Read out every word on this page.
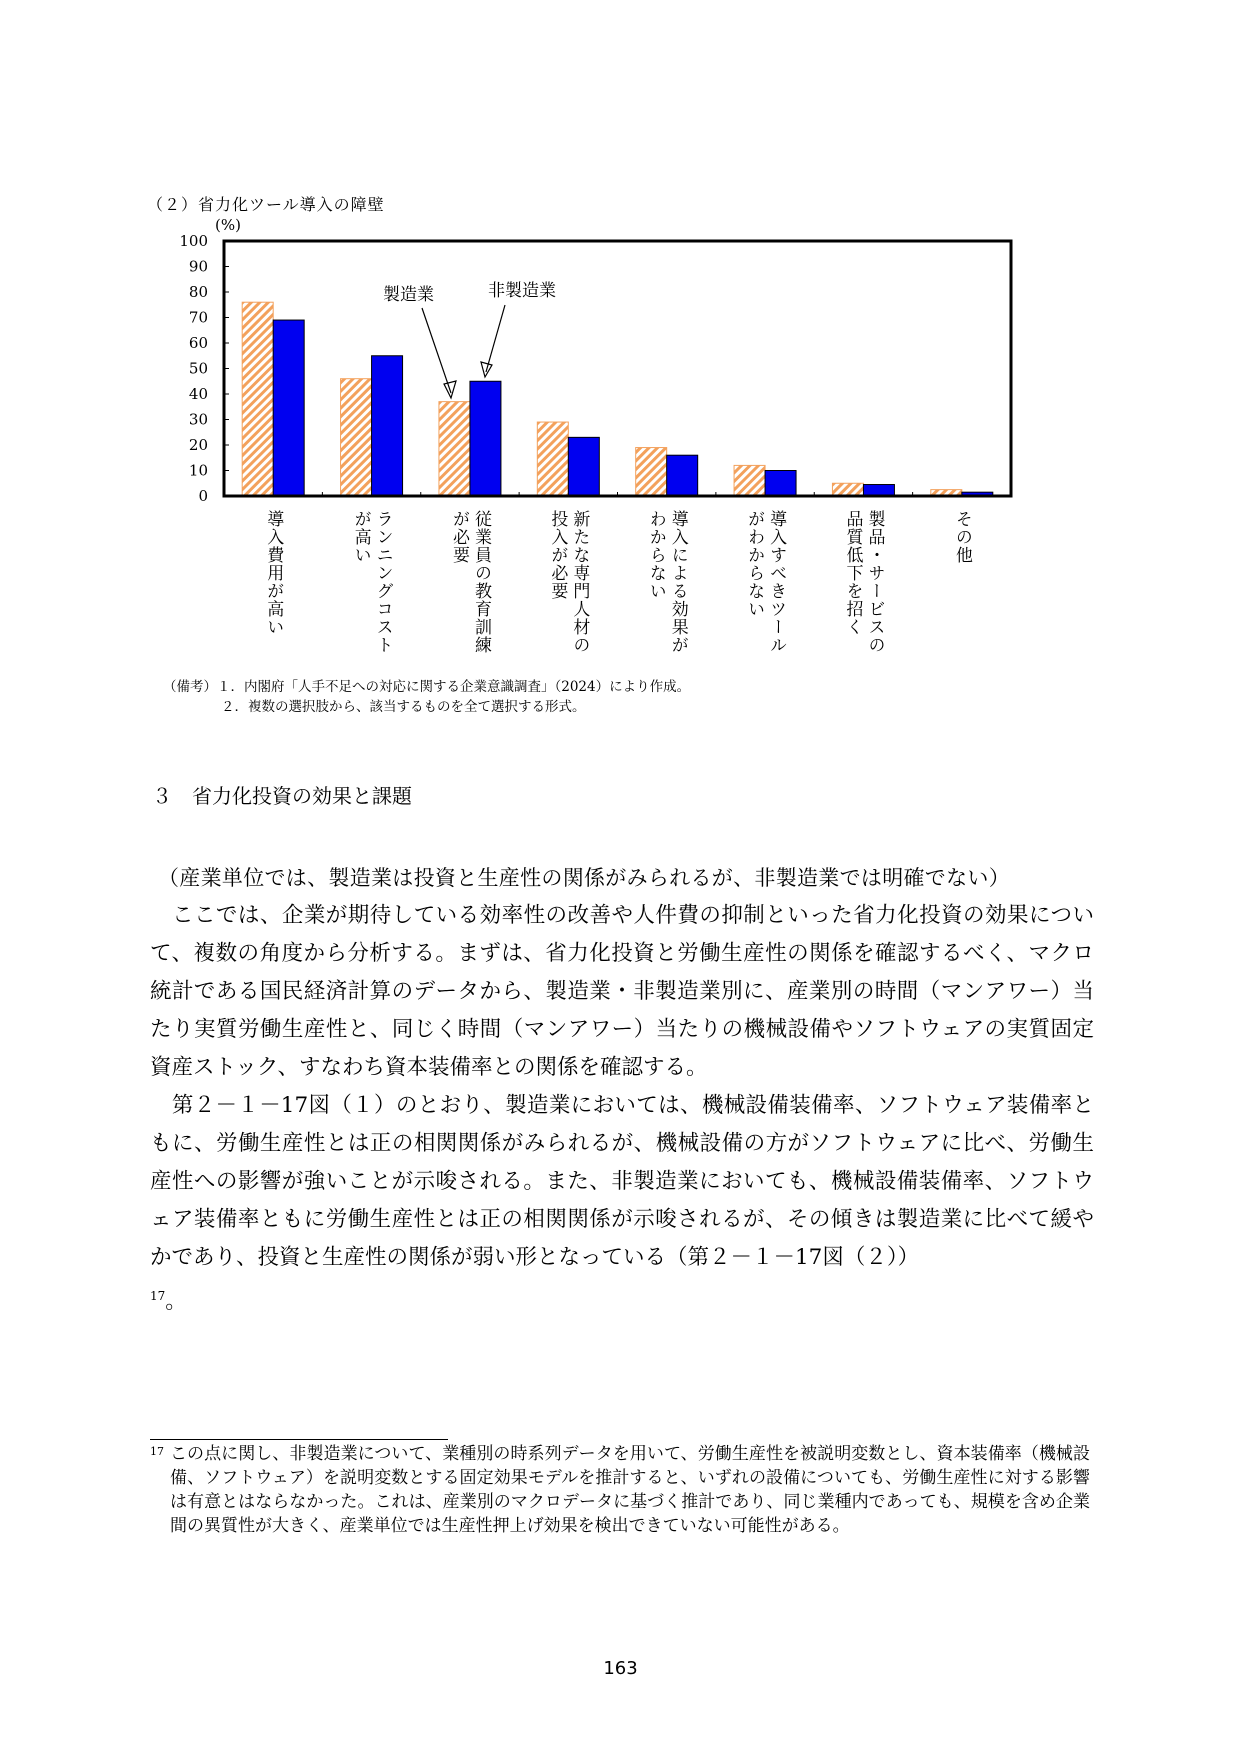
（２）省力化ツール導入の障壁
(%)
0
10
20
30
40
50
60
70
80
90
100
導入費用が高い	ランニングコスト
が高い	従業員の教育訓練
が必要	新たな専門人材の
投入が必要	導入による効果が
わからない	導入すべきツール
がわからない	製品・サービスの
品質低下を招く	その他
製造業	非製造業
（備考）１．内閣府「人手不足への対応に関する企業意識調査」（2024）により作成。
２．複数の選択肢から、該当するものを全て選択する形式。
３ 省力化投資の効果と課題
（産業単位では、製造業は投資と生産性の関係がみられるが、非製造業では明確でない）
　ここでは、企業が期待している効率性の改善や人件費の抑制といった省力化投資の効果について、複数の角度から分析する。まずは、省力化投資と労働生産性の関係を確認するべく、マクロ統計である国民経済計算のデータから、製造業・非製造業別に、産業別の時間（マンアワー）当たり実質労働生産性と、同じく時間（マンアワー）当たりの機械設備やソフトウェアの実質固定資産ストック、すなわち資本装備率との関係を確認する。
　第２－１－17図（１）のとおり、製造業においては、機械設備装備率、ソフトウェア装備率ともに、労働生産性とは正の相関関係がみられるが、機械設備の方がソフトウェアに比べ、労働生産性への影響が強いことが示唆される。また、非製造業においても、機械設備装備率、ソフトウェア装備率ともに労働生産性とは正の相関関係が示唆されるが、その傾きは製造業に比べて緩やかであり、投資と生産性の関係が弱い形となっている（第２－１－17図（２））
$^{17}$。
17 この点に関し、非製造業について、業種別の時系列データを用いて、労働生産性を被説明変数とし、資本装備率（機械設備、ソフトウェア）を説明変数とする固定効果モデルを推計すると、いずれの設備についても、労働生産性に対する影響は有意とはならなかった。これは、産業別のマクロデータに基づく推計であり、同じ業種内であっても、規模を含め企業間の異質性が大きく、産業単位では生産性押上げ効果を検出できていない可能性がある。
163
